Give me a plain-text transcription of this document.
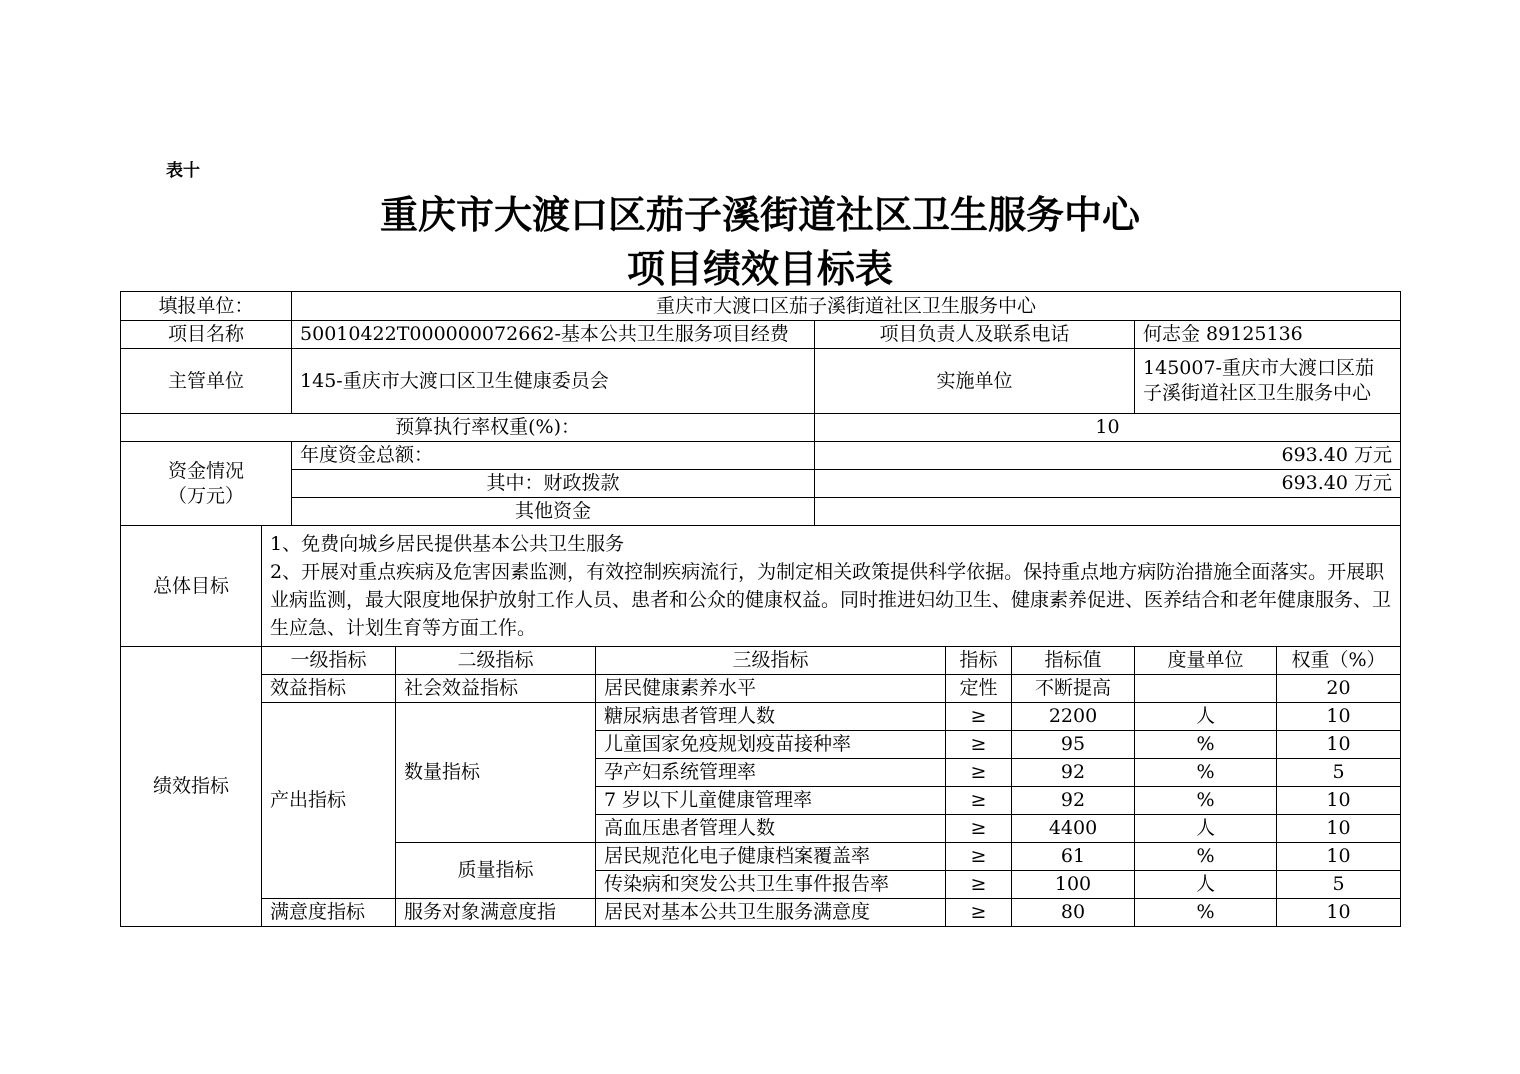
表十
重庆市大渡口区茄子溪街道社区卫生服务中心
项目绩效目标表
填报单位：		重庆市大渡口区茄子溪街道社区卫生服务中心							
项目名称		50010422T000000072662-基本公共卫生服务项目经费			项目负责人及联系电话			何志金 89125136	
主管单位		145-重庆市大渡口区卫生健康委员会			实施单位			145007-重庆市大渡口区茄
子溪街道社区卫生服务中心	

预算执行率权重(%)：					10				

资金情况
（万元）		年度资金总额：			693.40 万元				
		其中：财政拨款			693.40 万元				
		其他资金							
总体目标	1、免费向城乡居民提供基本公共卫生服务
2、开展对重点疾病及危害因素监测，有效控制疾病流行，为制定相关政策提供科学依据。保持重点地方病防治措施全面落实。开展职业病监测，最大限度地保护放射工作人员、患者和公众的健康权益。同时推进妇幼卫生、健康素养促进、医养结合和老年健康服务、卫生应急、计划生育等方面工作。								

绩效指标	一级指标		二级指标	三级指标		指标	指标值	度量单位	权重（%）
	效益指标		社会效益指标	居民健康素养水平		定性	不断提高		20
	产出指标		数量指标	糖尿病患者管理人数		≥	2200	人	10
				儿童国家免疫规划疫苗接种率		≥	95	%	10
				孕产妇系统管理率		≥	92	%	5
				7 岁以下儿童健康管理率		≥	92	%	10
				高血压患者管理人数		≥	4400	人	10
			质量指标	居民规范化电子健康档案覆盖率		≥	61	%	10
				传染病和突发公共卫生事件报告率		≥	100	人	5
	满意度指标		服务对象满意度指	居民对基本公共卫生服务满意度		≥	80	%	10
